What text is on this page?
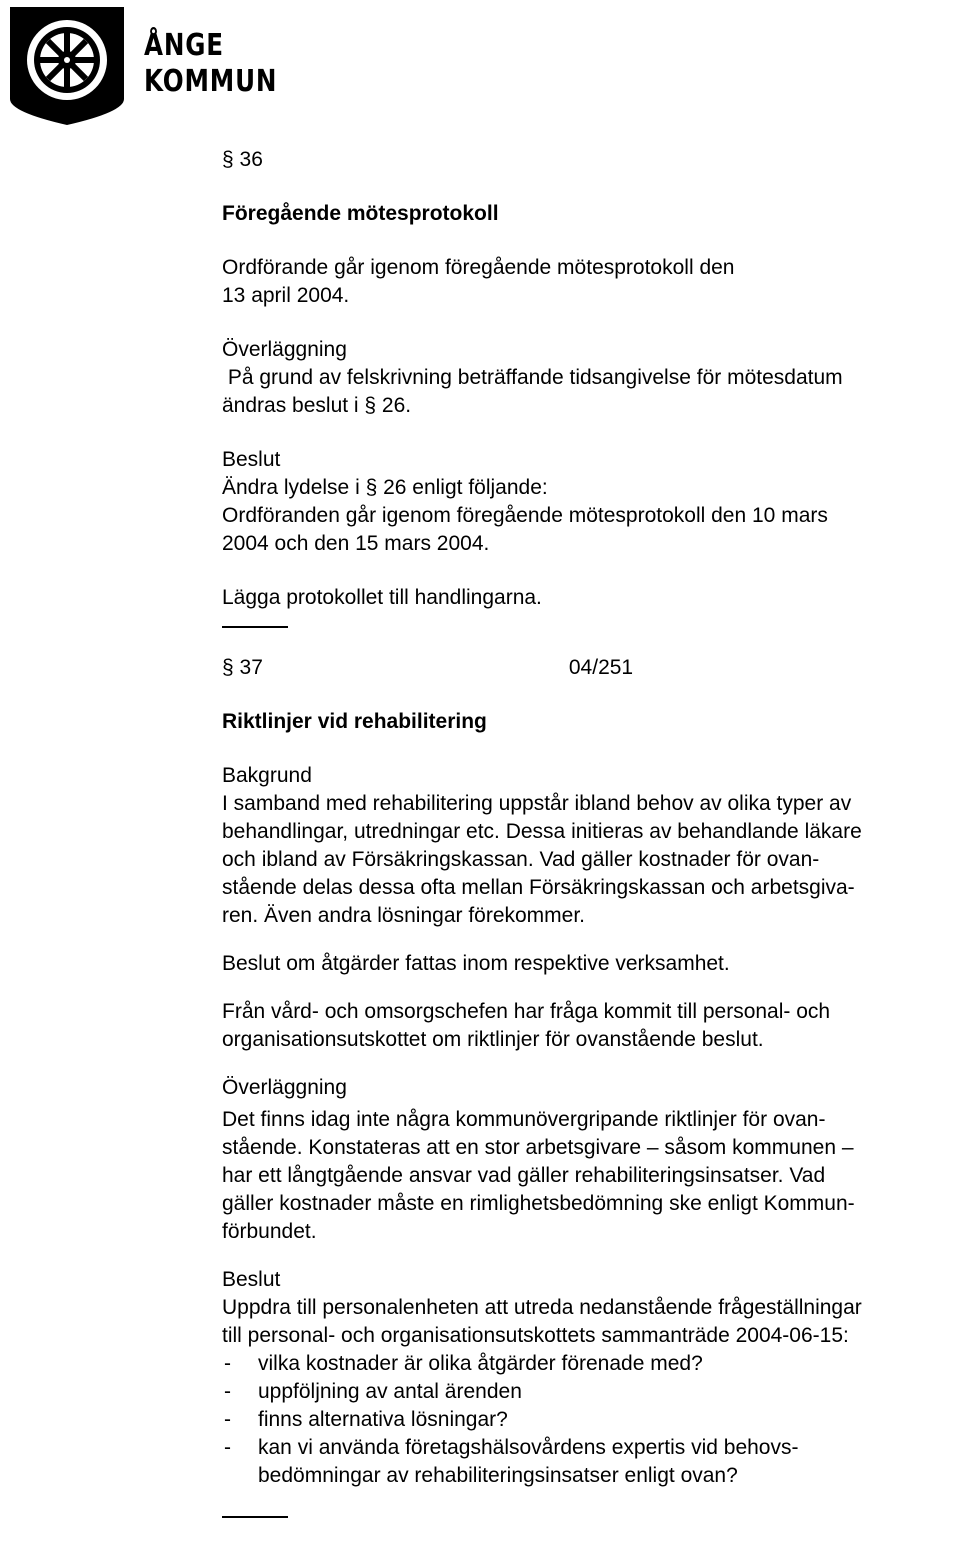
ÅNGE
KOMMUN
§ 36
Föregående mötesprotokoll
Ordförande går igenom föregående mötesprotokoll den
13 april 2004.
Överläggning
På grund av felskrivning beträffande tidsangivelse för mötesdatum
ändras beslut i § 26.
Beslut
Ändra lydelse i § 26 enligt följande:
Ordföranden går igenom föregående mötesprotokoll den 10 mars
2004 och den 15 mars 2004.
Lägga protokollet till handlingarna.
§ 37	04/251
Riktlinjer vid rehabilitering
Bakgrund
I samband med rehabilitering uppstår ibland behov av olika typer av
behandlingar, utredningar etc. Dessa initieras av behandlande läkare
och ibland av Försäkringskassan. Vad gäller kostnader för ovan-
stående delas dessa ofta mellan Försäkringskassan och arbetsgiva-
ren. Även andra lösningar förekommer.
Beslut om åtgärder fattas inom respektive verksamhet.
Från vård- och omsorgschefen har fråga kommit till personal- och
organisationsutskottet om riktlinjer för ovanstående beslut.
Överläggning
Det finns idag inte några kommunövergripande riktlinjer för ovan-
stående. Konstateras att en stor arbetsgivare – såsom kommunen –
har ett långtgående ansvar vad gäller rehabiliteringsinsatser. Vad
gäller kostnader måste en rimlighetsbedömning ske enligt Kommun-
förbundet.
Beslut
Uppdra till personalenheten att utreda nedanstående frågeställningar
till personal- och organisationsutskottets sammanträde 2004-06-15:
- vilka kostnader är olika åtgärder förenade med?
- uppföljning av antal ärenden
- finns alternativa lösningar?
- kan vi använda företagshälsovårdens expertis vid behovs-
bedömningar av rehabiliteringsinsatser enligt ovan?
